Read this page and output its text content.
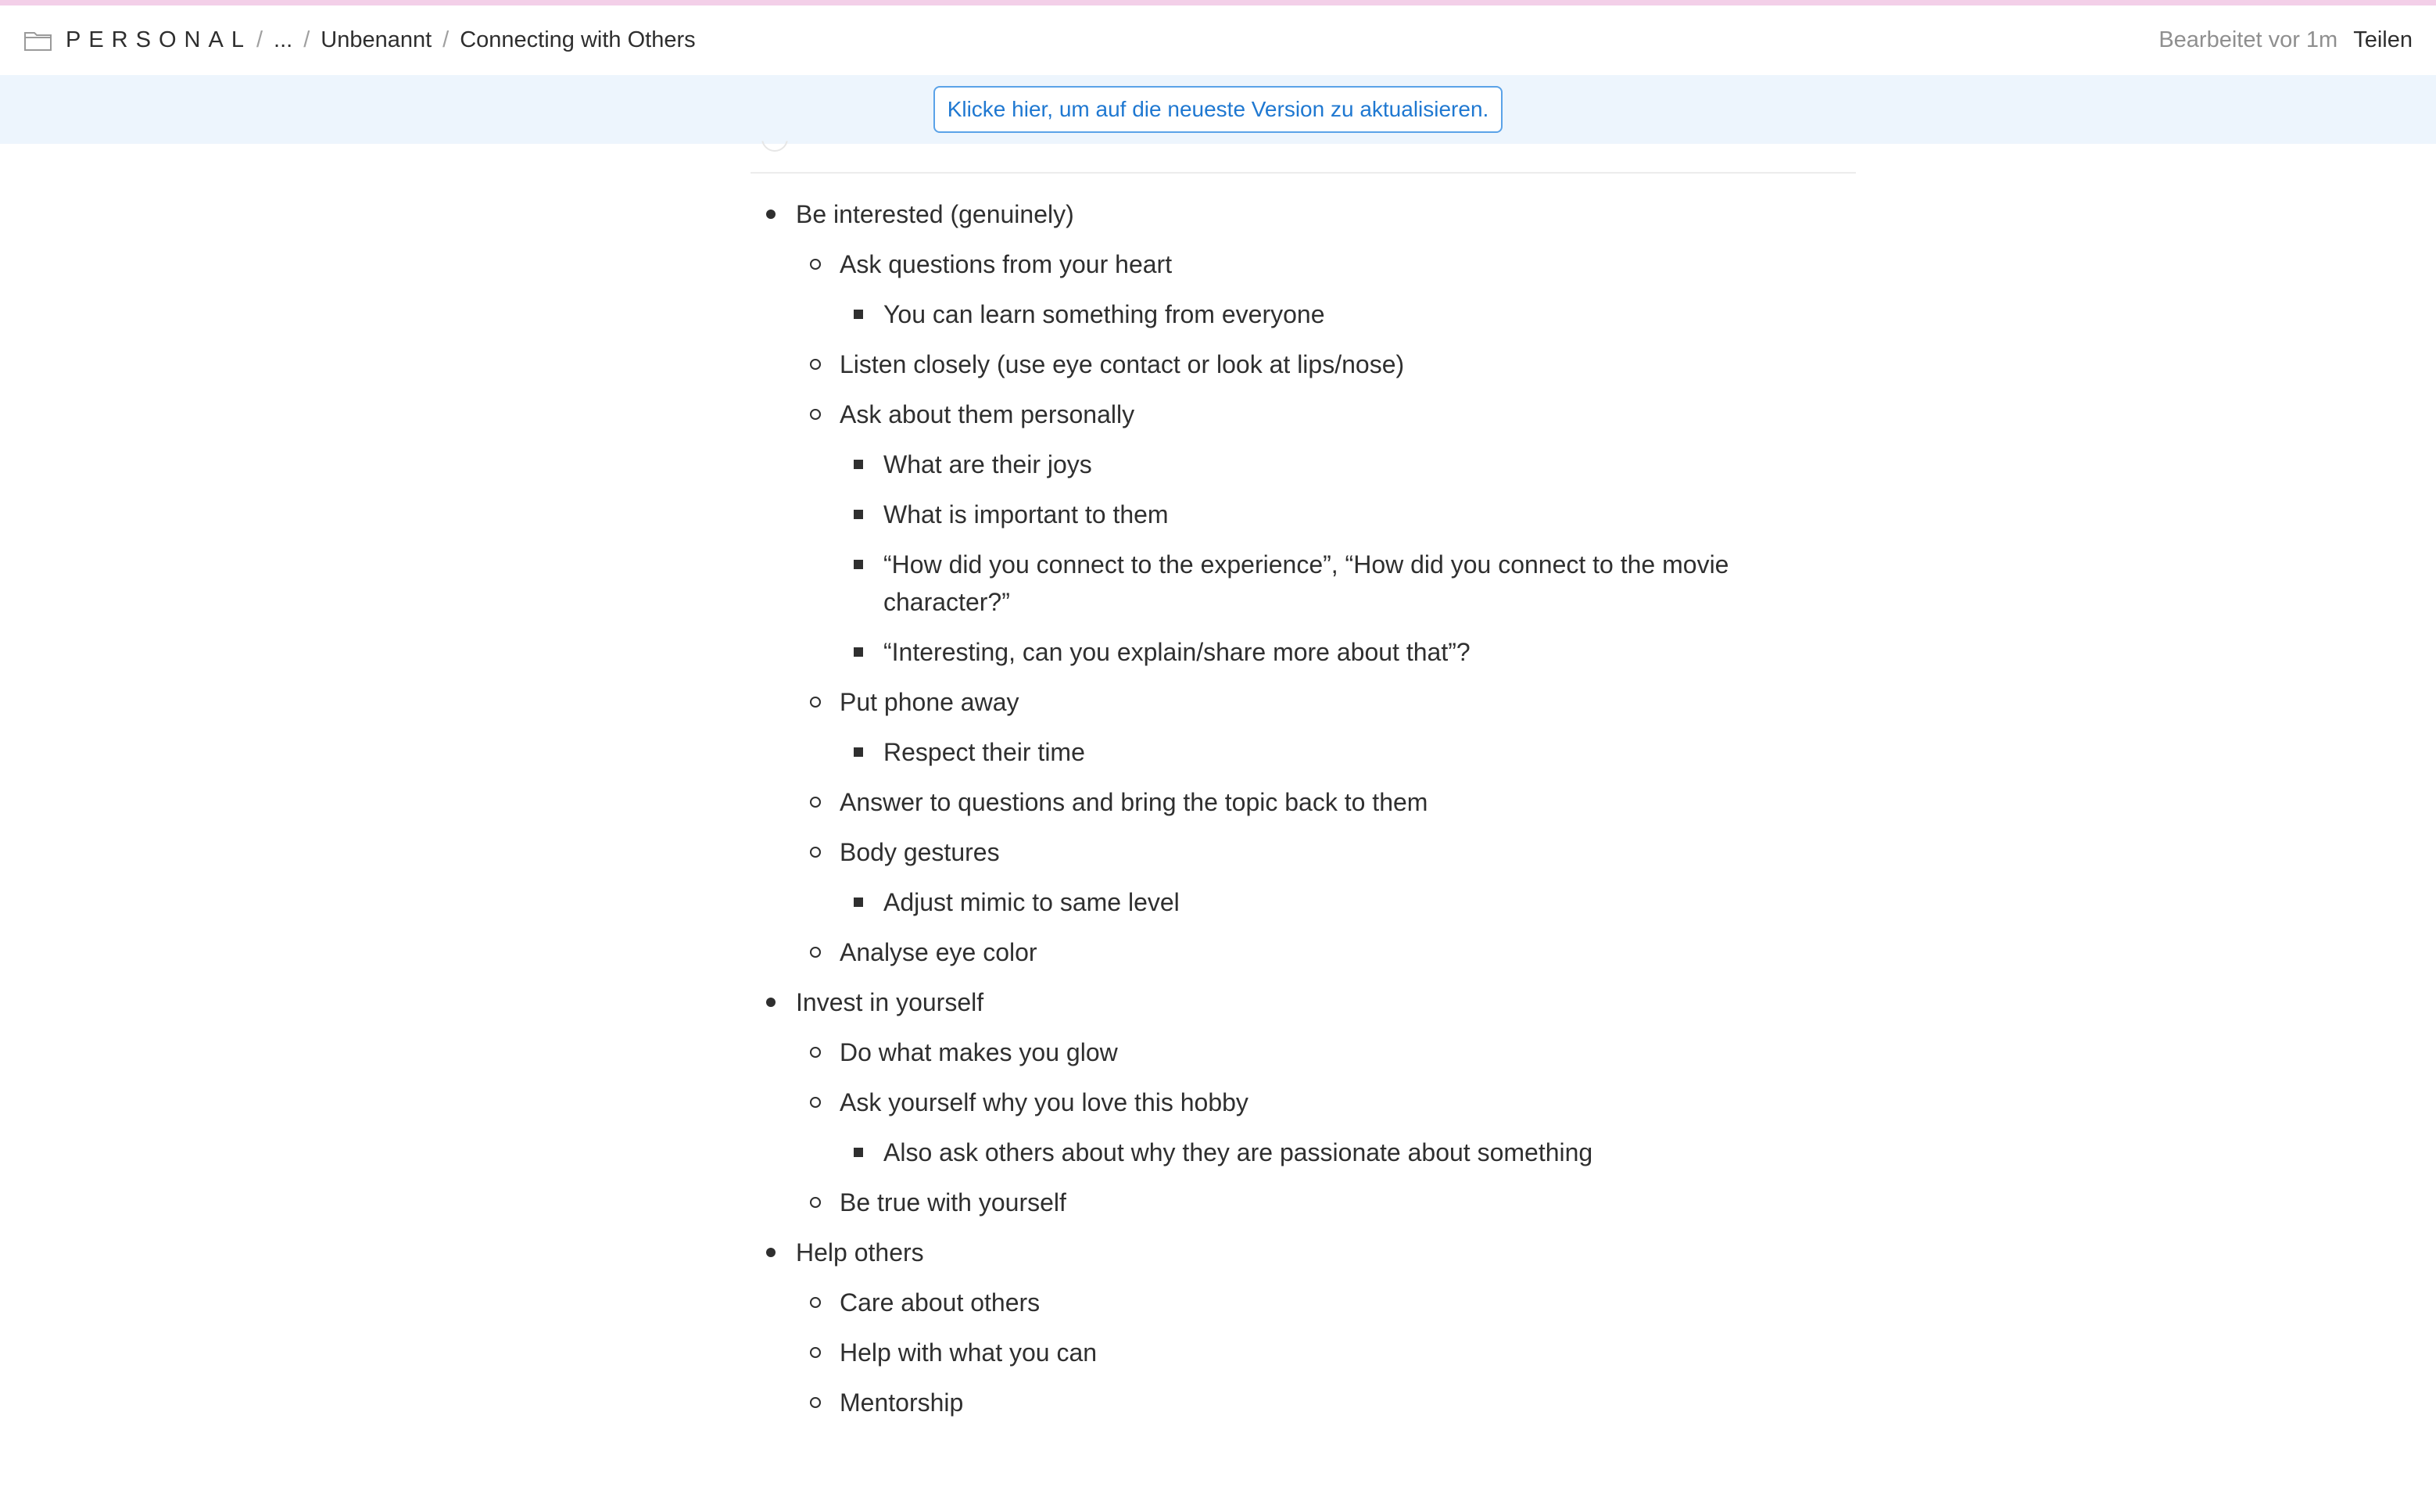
PERSONAL / ... / Unbenannt / Connecting with Others	Bearbeitet vor 1m Teilen
Klicke hier, um auf die neueste Version zu aktualisieren.
Be interested (genuinely)
Ask questions from your heart
You can learn something from everyone
Listen closely (use eye contact or look at lips/nose)
Ask about them personally
What are their joys
What is important to them
“How did you connect to the experience”, “How did you connect to the movie character?”
“Interesting, can you explain/share more about that”?
Put phone away
Respect their time
Answer to questions and bring the topic back to them
Body gestures
Adjust mimic to same level
Analyse eye color
Invest in yourself
Do what makes you glow
Ask yourself why you love this hobby
Also ask others about why they are passionate about something
Be true with yourself
Help others
Care about others
Help with what you can
Mentorship
